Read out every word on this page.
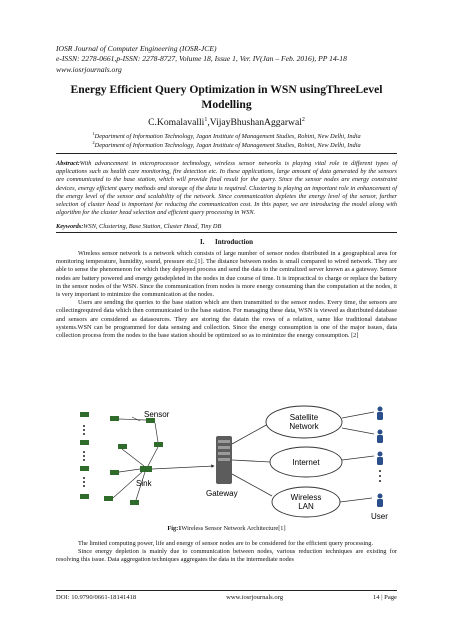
IOSR Journal of Computer Engineering (IOSR-JCE)
e-ISSN: 2278-0661,p-ISSN: 2278-8727, Volume 18, Issue 1, Ver. IV(Jan – Feb. 2016), PP 14-18
www.iosrjournals.org
Energy Efficient Query Optimization in WSN usingThreeLevel
Modelling
C.Komalavalli$^1$,VijayBhushanAggarwal$^2$
$^1$Department of Information Technology, Jagan Institute of Management Studies, Rohini, New Delhi, India
$^2$Department of Information Technology, Jagan Institute of Management Studies, Rohini, New Delhi, India
Abstract:With advancement in microprocessor technology, wireless sensor networks is playing vital role in different types of applications such as health care monitoring, fire detection etc. In these applications, large amount of data generated by the sensors are communicated to the base station, which will provide final result for the query. Since the sensor nodes are energy constraint devices, energy efficient query methods and storage of the data is required. Clustering is playing an important role in enhancement of the energy level of the sensor and scalability of the network. Since communication depletes the energy level of the sensor, further selection of cluster head is important for reducing the communication cost. In this paper, we are introducing the model along with algorithm for the cluster head selection and efficient query processing in WSN.
Keywords:WSN, Clustering, Base Station, Cluster Head, Tiny DB
I. Introduction

Wireless sensor network is a network which consists of large number of sensor nodes distributed in a geographical area for monitoring temperature, humidity, sound, pressure etc.[1]. The distance between nodes is small compared to wired network. They are able to sense the phenomenon for which they deployed process and send the data to the centralized server known as a gateway. Sensor nodes are battery powered and energy getsdepleted in the nodes in due course of time. It is impractical to charge or replace the battery in the sensor nodes of the WSN. Since the communication from nodes is more energy consuming than the computation at the nodes, it is very important to minimize the communication at the nodes.

Users are sending the queries to the base station which are then transmitted to the sensor nodes. Every time, the sensors are collectingrequired data which then communicated to the base station. For managing these data, WSN is viewed as distributed database and sensors are considered as datasources. They are storing the datain the rows of a relation, same like traditional database systems.WSN can be programmed for data sensing and collection. Since the energy consumption is one of the major issues, data collection process from the nodes to the base station should be optimized so as to minimize the energy consumption. [2]

Sensor
Sink
Gateway
Satellite
Network
Internet
Wireless
LAN
User
Fig:1Wireless Sensor Network Architecture[1]

The limited computing power, life and energy of sensor nodes are to be considered for the efficient query processing.

Since energy depletion is mainly due to communication between nodes, various reduction techniques are existing for resolving this issue. Data aggregation techniques aggregates the data in the intermediate nodes

DOI: 10.9790/0661-18141418	www.iosrjournals.org	14 | Page
